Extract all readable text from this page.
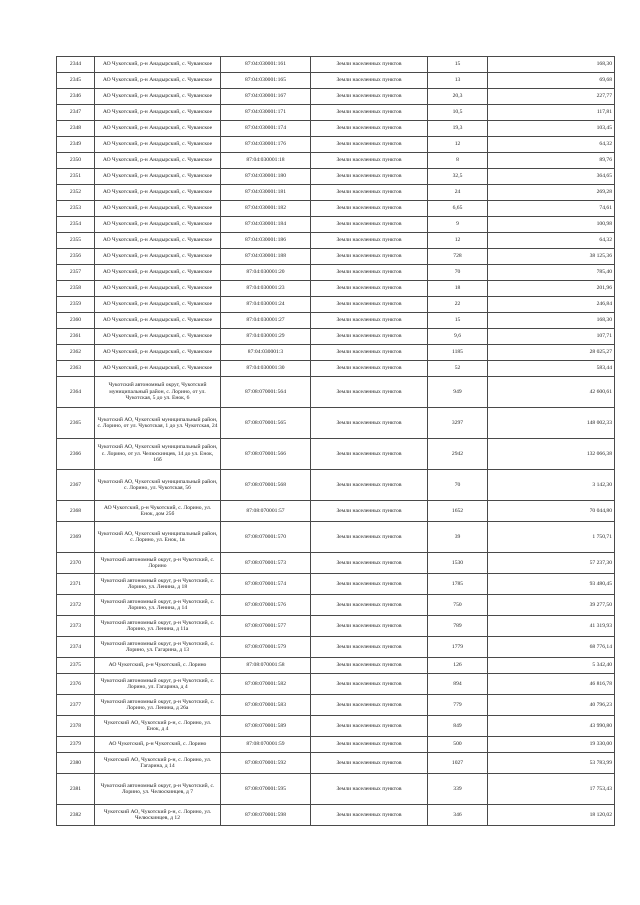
2344	АО Чукотский, р-н Анадырский, с. Чуванское	87:04:030001:161	Земли населенных пунктов	15	168,30
2345	АО Чукотский, р-н Анадырский, с. Чуванское	87:04:030001:165	Земли населенных пунктов	13	69,68
2346	АО Чукотский, р-н Анадырский, с. Чуванское	87:04:030001:167	Земли населенных пунктов	20,3	227,77
2347	АО Чукотский, р-н Анадырский, с. Чуванское	87:04:030001:171	Земли населенных пунктов	10,5	117,81
2348	АО Чукотский, р-н Анадырский, с. Чуванское	87:04:030001:174	Земли населенных пунктов	19,3	103,45
2349	АО Чукотский, р-н Анадырский, с. Чуванское	87:04:030001:176	Земли населенных пунктов	12	64,32
2350	АО Чукотский, р-н Анадырский, с. Чуванское	87:04:030001:18	Земли населенных пунктов	8	89,76
2351	АО Чукотский, р-н Анадырский, с. Чуванское	87:04:030001:180	Земли населенных пунктов	32,5	364,65
2352	АО Чукотский, р-н Анадырский, с. Чуванское	87:04:030001:181	Земли населенных пунктов	24	269,28
2353	АО Чукотский, р-н Анадырский, с. Чуванское	87:04:030001:182	Земли населенных пунктов	6,65	74,61
2354	АО Чукотский, р-н Анадырский, с. Чуванское	87:04:030001:184	Земли населенных пунктов	9	100,98
2355	АО Чукотский, р-н Анадырский, с. Чуванское	87:04:030001:186	Земли населенных пунктов	12	64,32
2356	АО Чукотский, р-н Анадырский, с. Чуванское	87:04:030001:188	Земли населенных пунктов	728	38 125,36
2357	АО Чукотский, р-н Анадырский, с. Чуванское	87:04:030001:20	Земли населенных пунктов	70	785,40
2358	АО Чукотский, р-н Анадырский, с. Чуванское	87:04:030001:23	Земли населенных пунктов	18	201,96
2359	АО Чукотский, р-н Анадырский, с. Чуванское	87:04:030001:24	Земли населенных пунктов	22	246,84
2360	АО Чукотский, р-н Анадырский, с. Чуванское	87:04:030001:27	Земли населенных пунктов	15	168,30
2361	АО Чукотский, р-н Анадырский, с. Чуванское	87:04:030001:29	Земли населенных пунктов	9,6	107,71
2362	АО Чукотский, р-н Анадырский, с. Чуванское	87:04:030001:3	Земли населенных пунктов	1185	28 025,27
2363	АО Чукотский, р-н Анадырский, с. Чуванское	87:04:030001:30	Земли населенных пунктов	52	583,44
2364	Чукотский автономный округ, Чукотский муниципальный район, с. Лорино, от ул. Чукотская, 5 до ул. Енок, 6	87:08:070001:564	Земли населенных пунктов	949	42 600,61
2365	Чукотский АО, Чукотский муниципальный район, с. Лорино, от ул. Чукотская, 1 до ул. Чукотская, 24	87:08:070001:565	Земли населенных пунктов	3297	148 002,33
2366	Чукотский АО, Чукотский муниципальный район, с. Лорино, от ул. Челюскинцев, 14 до ул. Енок, 16б	87:08:070001:566	Земли населенных пунктов	2942	132 066,38
2367	Чукотский АО, Чукотский муниципальный район, с. Лорино, ул. Чукотская, 56	87:08:070001:568	Земли населенных пунктов	70	3 142,30
2368	АО Чукотский, р-н Чукотский, с. Лорино, ул. Енок, дом 25б	87:08:070001:57	Земли населенных пунктов	1652	70 044,80
2369	Чукотский АО, Чукотский муниципальный район, с. Лорино, ул. Енок, 1в	87:08:070001:570	Земли населенных пунктов	39	1 750,71
2370	Чукотский автономный округ, р-н Чукотский, с. Лорино	87:08:070001:573	Земли населенных пунктов	1530	57 237,30
2371	Чукотский автономный округ, р-н Чукотский, с. Лорино, ул. Ленина, д 18	87:08:070001:574	Земли населенных пунктов	1785	93 480,45
2372	Чукотский автономный округ, р-н Чукотский, с. Лорино, ул. Ленина, д 14	87:08:070001:576	Земли населенных пунктов	750	39 277,50
2373	Чукотский автономный округ, р-н Чукотский, с. Лорино, ул. Ленина, д 11а	87:08:070001:577	Земли населенных пунктов	789	41 319,93
2374	Чукотский автономный округ, р-н Чукотский, с. Лорино, ул. Гагарина, д 13	87:08:070001:579	Земли населенных пунктов	1779	68 776,14
2375	АО Чукотский, р-н Чукотский, с. Лорино	87:08:070001:58	Земли населенных пунктов	126	5 342,40
2376	Чукотский автономный округ, р-н Чукотский, с. Лорино, ул. Гагарина, д 4	87:08:070001:582	Земли населенных пунктов	894	46 816,78
2377	Чукотский автономный округ, р-н Чукотский, с. Лорино, ул. Ленина, д 26а	87:08:070001:583	Земли населенных пунктов	779	40 796,23
2378	Чукотский АО, Чукотский р-н, с. Лорино, ул. Енок, д 4	87:08:070001:589	Земли населенных пунктов	849	43 990,80
2379	АО Чукотский, р-н Чукотский, с. Лорино	87:08:070001:59	Земли населенных пунктов	500	19 330,00
2380	Чукотский АО, Чукотский р-н, с. Лорино, ул. Гагарина, д 14	87:08:070001:592	Земли населенных пунктов	1027	53 783,99
2381	Чукотский автономный округ, р-н Чукотский, с. Лорино, ул. Челюскинцев, д 7	87:08:070001:595	Земли населенных пунктов	339	17 753,43
2382	Чукотский АО, Чукотский р-н, с. Лорино, ул. Челюскинцев, д 12	87:08:070001:598	Земли населенных пунктов	346	18 120,02
